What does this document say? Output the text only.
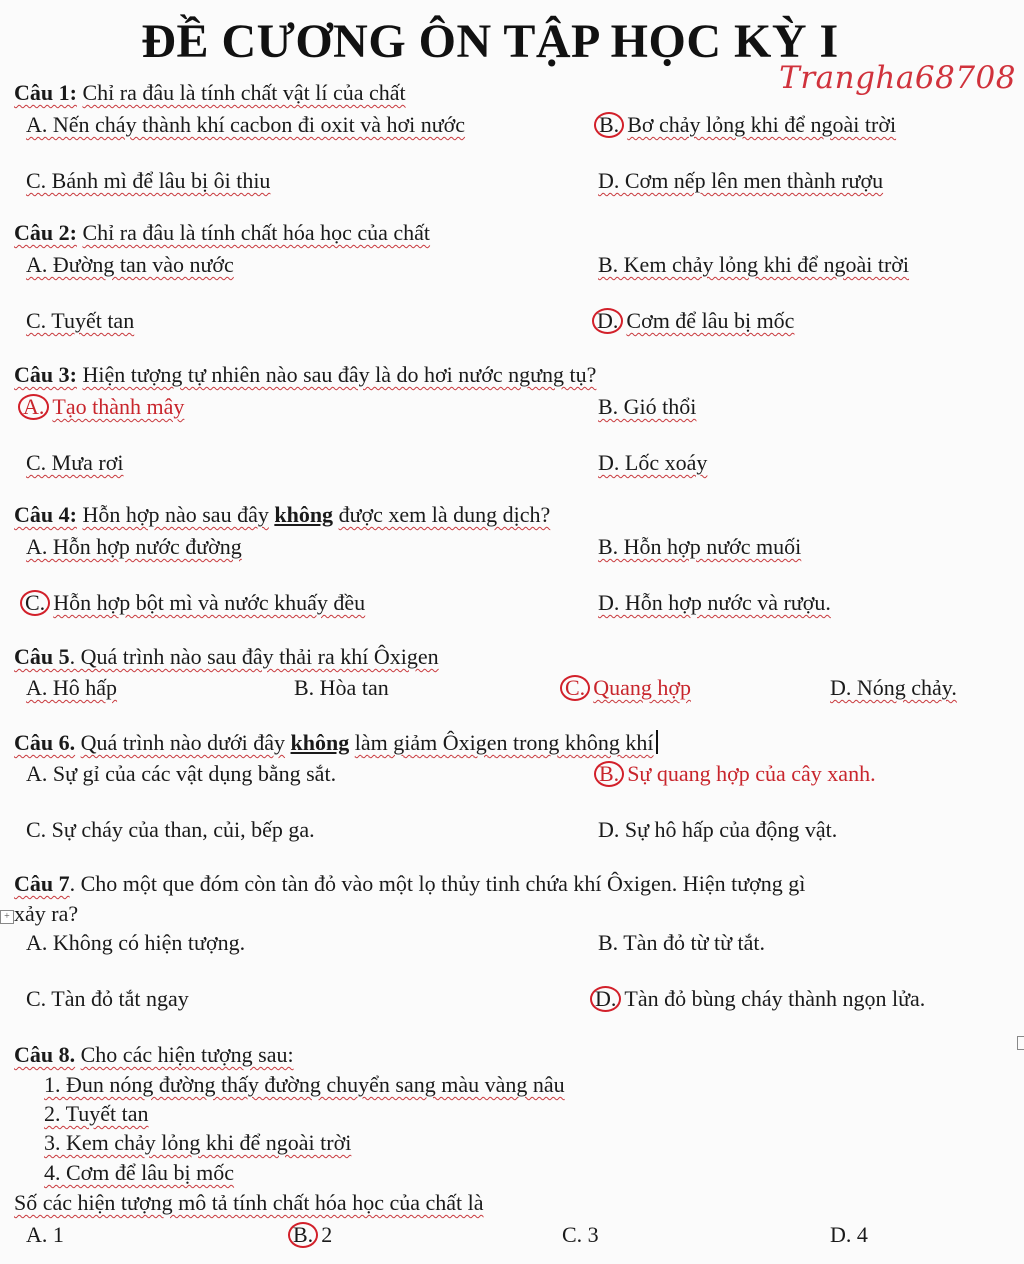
ĐỀ CƯƠNG ÔN TẬP HỌC KỲ I
Trangha68708
Câu 1: Chỉ ra đâu là tính chất vật lí của chất
A. Nến cháy thành khí cacbon đi oxit và hơi nước	B. Bơ chảy lỏng khi để ngoài trời
C. Bánh mì để lâu bị ôi thiu	D. Cơm nếp lên men thành rượu
Câu 2: Chỉ ra đâu là tính chất hóa học của chất
A. Đường tan vào nước	B. Kem chảy lỏng khi để ngoài trời
C. Tuyết tan	D. Cơm để lâu bị mốc
Câu 3: Hiện tượng tự nhiên nào sau đây là do hơi nước ngưng tụ?
A. Tạo thành mây	B. Gió thổi
C. Mưa rơi	D. Lốc xoáy
Câu 4: Hỗn hợp nào sau đây không được xem là dung dịch?
A. Hỗn hợp nước đường	B. Hỗn hợp nước muối
C. Hỗn hợp bột mì và nước khuấy đều	D. Hỗn hợp nước và rượu.
Câu 5. Quá trình nào sau đây thải ra khí Ôxigen
A. Hô hấp	B. Hòa tan	C. Quang hợp	D. Nóng chảy.
Câu 6. Quá trình nào dưới đây không làm giảm Ôxigen trong không khí
A. Sự gỉ của các vật dụng bằng sắt.	B. Sự quang hợp của cây xanh.
C. Sự cháy của than, củi, bếp ga.	D. Sự hô hấp của động vật.
Câu 7. Cho một que đóm còn tàn đỏ vào một lọ thủy tinh chứa khí Ôxigen. Hiện tượng gì
+ xảy ra?
A. Không có hiện tượng.	B. Tàn đỏ từ từ tắt.
C. Tàn đỏ tắt ngay	D. Tàn đỏ bùng cháy thành ngọn lửa.
Câu 8. Cho các hiện tượng sau:
1. Đun nóng đường thấy đường chuyển sang màu vàng nâu
2. Tuyết tan
3. Kem chảy lỏng khi để ngoài trời
4. Cơm để lâu bị mốc
Số các hiện tượng mô tả tính chất hóa học của chất là
A. 1	B. 2	C. 3	D. 4
